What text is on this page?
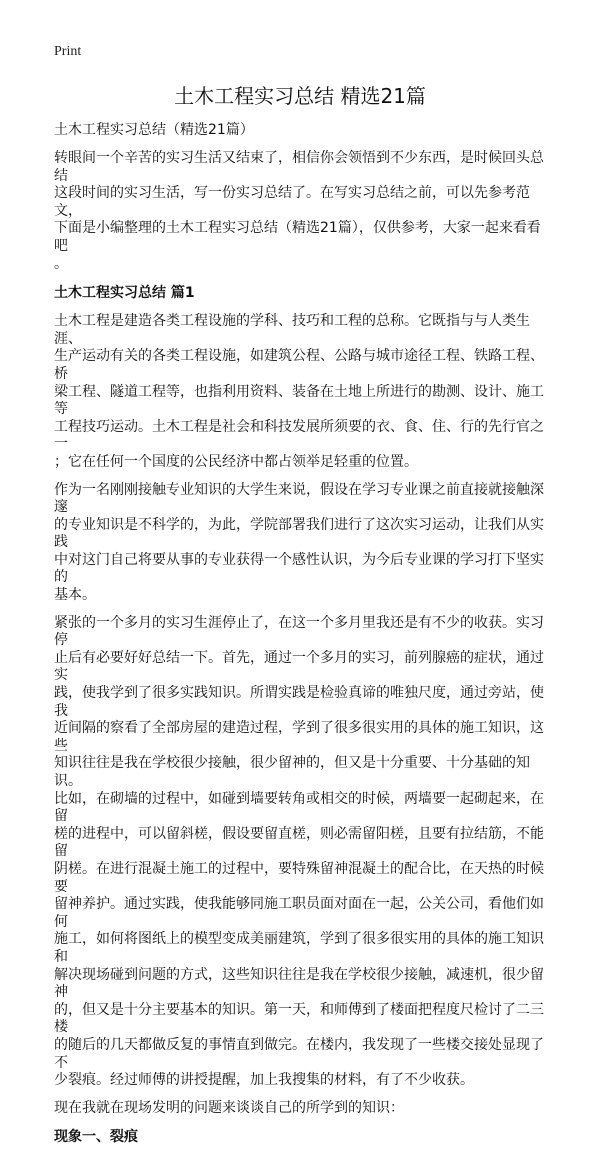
Print
土木工程实习总结 精选21篇
土木工程实习总结（精选21篇）
转眼间一个辛苦的实习生活又结束了，相信你会领悟到不少东西，是时候回头总结
这段时间的实习生活，写一份实习总结了。在写实习总结之前，可以先参考范文，
下面是小编整理的土木工程实习总结（精选21篇），仅供参考，大家一起来看看吧
。
土木工程实习总结 篇1
土木工程是建造各类工程设施的学科、技巧和工程的总称。它既指与与人类生涯、
生产运动有关的各类工程设施，如建筑公程、公路与城市途径工程、铁路工程、桥
梁工程、隧道工程等，也指利用资料、装备在土地上所进行的勘测、设计、施工等
工程技巧运动。土木工程是社会和科技发展所须要的衣、食、住、行的先行官之一
；它在任何一个国度的公民经济中都占领举足轻重的位置。
作为一名刚刚接触专业知识的大学生来说，假设在学习专业课之前直接就接触深邃
的专业知识是不科学的，为此，学院部署我们进行了这次实习运动，让我们从实践
中对这门自己将要从事的专业获得一个感性认识，为今后专业课的学习打下坚实的
基本。
紧张的一个多月的实习生涯停止了，在这一个多月里我还是有不少的收获。实习停
止后有必要好好总结一下。首先，通过一个多月的实习，前列腺癌的症状，通过实
践，使我学到了很多实践知识。所谓实践是检验真谛的唯独尺度，通过旁站，使我
近间隔的察看了全部房屋的建造过程，学到了很多很实用的具体的施工知识，这些
知识往往是我在学校很少接触，很少留神的，但又是十分重要、十分基础的知识。
比如，在砌墙的过程中，如碰到墙要转角或相交的时候，两墙要一起砌起来，在留
槎的进程中，可以留斜槎，假设要留直槎，则必需留阳槎，且要有拉结筋，不能留
阴槎。在进行混凝土施工的过程中，要特殊留神混凝土的配合比，在天热的时候要
留神养护。通过实践，使我能够同施工职员面对面在一起，公关公司，看他们如何
施工，如何将图纸上的模型变成美丽建筑，学到了很多很实用的具体的施工知识和
解决现场碰到问题的方式，这些知识往往是我在学校很少接触，减速机，很少留神
的，但又是十分主要基本的知识。第一天，和师傅到了楼面把程度尺检讨了二三楼
的随后的几天都做反复的事情直到做完。在楼内，我发现了一些楼交接处显现了不
少裂痕。经过师傅的讲授提醒，加上我搜集的材料，有了不少收获。
现在我就在现场发明的问题来谈谈自己的所学到的知识：
现象一、裂痕
